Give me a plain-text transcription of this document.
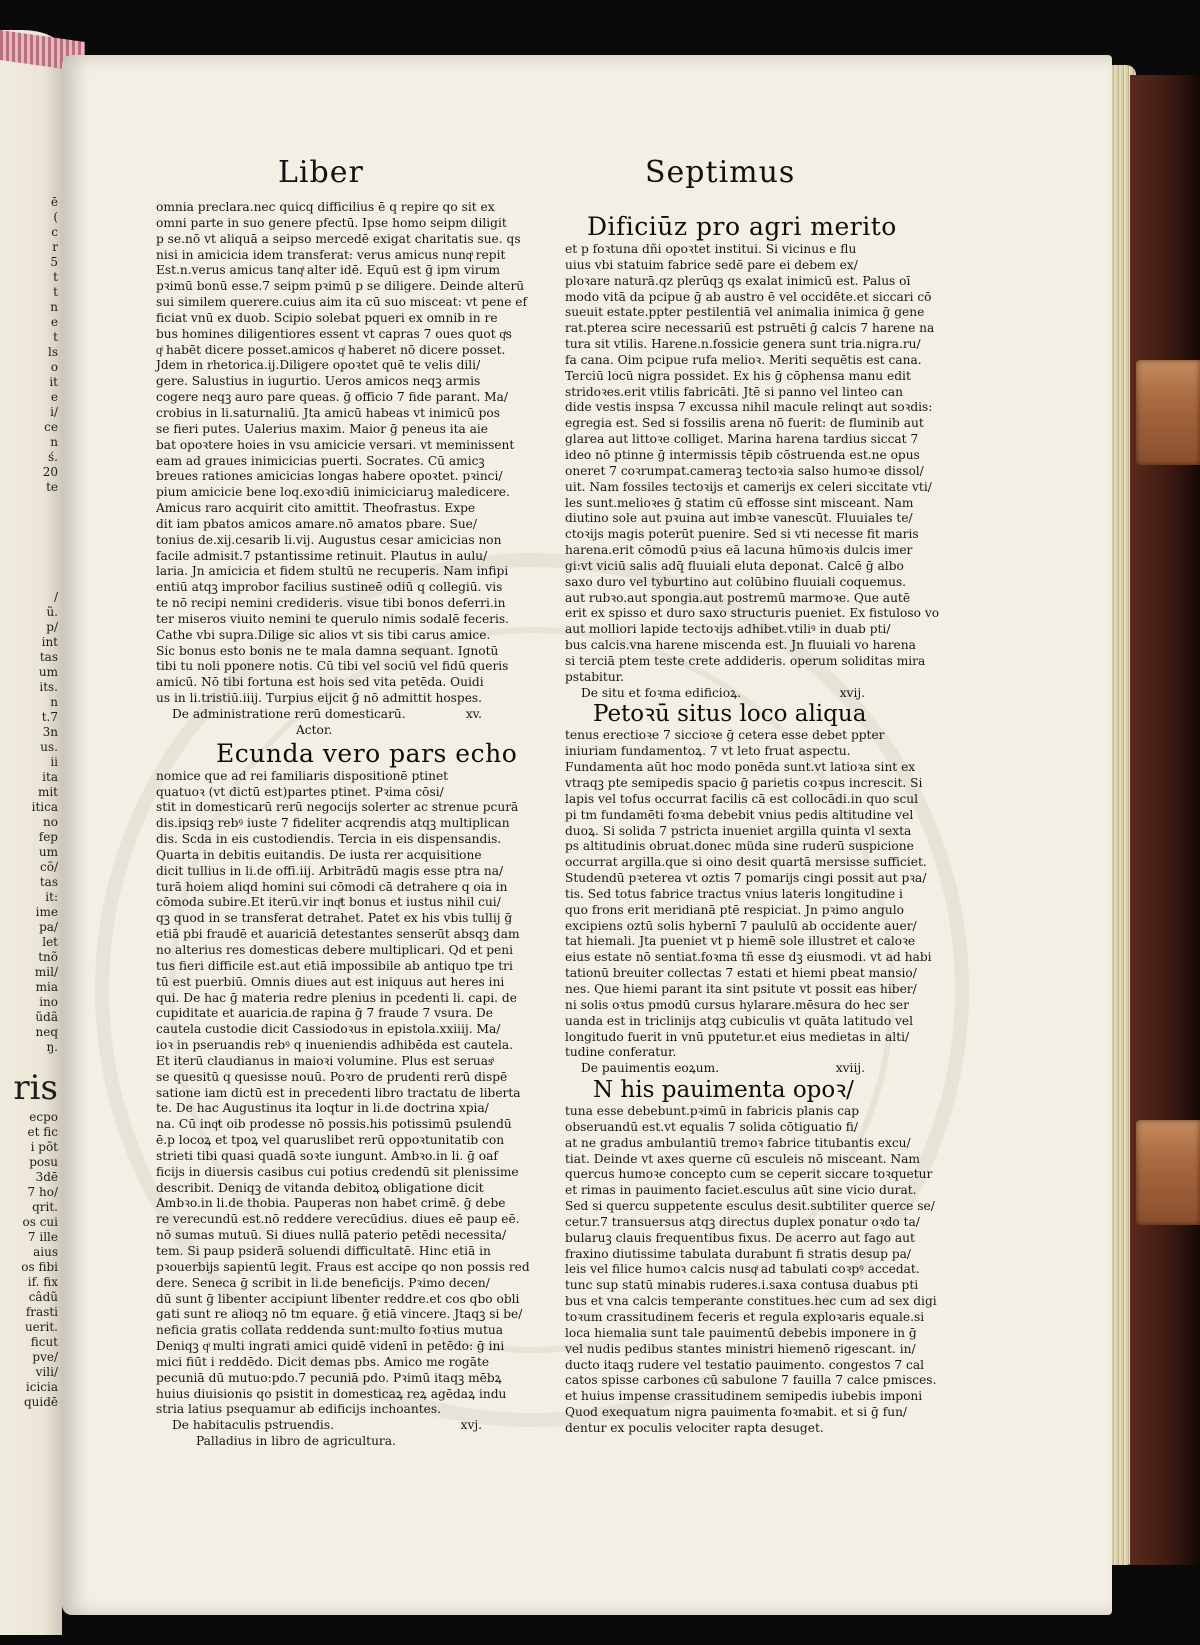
ē
(
c
r
5
t
t
n
e
t
ls
o
it
e
i/
ce
n
ś.
20
te
/
ũ.
p/
int
tas
um
its.
n
t.7
3n
us.
ii
ita
mit
itica
no
fep
um
cõ/
tas
it:
ime
pa/
let
tnõ
mil/
mia
ino
ũdã
neq
ŋ.
ris
ecpo
et fic
i põt
posu
3dē
7 ho/
qrit.
os cui
7 ille
aius
os fibi
if. fix
câdũ
frasti
uerit.
ficut
pve/
vili/
icicia
quidē
Liber	Septimus
omnia preclara.nec quicq difficilius ē q repire qo sit ex
omni parte in suo genere pfectū. Ipse homo seipm diligit
p se.nō vt aliquā a seipso mercedē exigat charitatis sue. qs
nisi in amicicia idem transferat: verus amicus nunqͣ repit
Est.n.verus amicus tanqͣ alter idē. Equū est ḡ ipm virum
pꝛimū bonū esse.7 seipm pꝛimū p se diligere. Deinde alterū
sui similem querere.cuius aim ita cū suo misceat: vt pene ef
ficiat vnū ex duob. Scipio solebat pqueri ex omnib in re
bus homines diligentiores essent vt capras 7 oues quot qͥs
qͥ habēt dicere posset.amicos qͥ haberet nō dicere posset.
Jdem in rhetorica.ij.Diligere opoꝛtet quē te velis dili/
gere. Salustius in iugurtio. Ueros amicos neqꝫ armis
cogere neqꝫ auro pare queas. ḡ officio 7 fide parant. Ma/
crobius in li.saturnaliū. Jta amicū habeas vt inimicū pos
se fieri putes. Ualerius maxim. Maior ḡ peneus ita aie
bat opoꝛtere hoies in vsu amicicie versari. vt meminissent
eam ad graues inimicicias puerti. Socrates. Cū amicꝫ
breues rationes amicicias longas habere opoꝛtet. pꝛinci/
pium amicicie bene loq.exoꝛdiū inimiciciaruꝫ maledicere.
Amicus raro acquirit cito amittit. Theofrastus. Expe
dit iam pbatos amicos amare.nō amatos pbare. Sue/
tonius de.xij.cesarib li.vij. Augustus cesar amicicias non
facile admisit.7 pstantissime retinuit. Plautus in aulu/
laria. Jn amicicia et fidem stultū ne recuperis. Nam infipi
entiū atqꝫ improbor facilius sustineē odiū q collegiū. vis
te nō recipi nemini credideris. visue tibi bonos deferri.in
ter miseros viuito nemini te querulo nimis sodalē feceris.
Cathe vbi supra.Dilige sic alios vt sis tibi carus amice.
Sic bonus esto bonis ne te mala damna sequant. Ignotū
tibi tu noli pponere notis. Cū tibi vel sociū vel fidū queris
amicū. Nō tibi fortuna est hois sed vita petēda. Ouidi
us in li.tristiū.iiij. Turpius eijcit ḡ nō admittit hospes.
De administratione rerū domesticarū.	xv.
Actor.
Ecunda vero pars echo
nomice que ad rei familiaris dispositionē ptinet
quatuoꝛ (vt dictū est)partes ptinet. Pꝛima cōsi/
stit in domesticarū rerū negocijs solerter ac strenue pcurā
dis.ipsiqꝫ rebꝰ iuste 7 fideliter acqrendis atqꝫ multiplican
dis. Scda in eis custodiendis. Tercia in eis dispensandis.
Quarta in debitis euitandis. De iusta rer acquisitione
dicit tullius in li.de offi.iij. Arbitrādū magis esse ptra na/
turā hoiem aliqd homini sui cōmodi cā detrahere q oia in
cōmoda subire.Et iterū.vir inqͣt bonus et iustus nihil cui/
qꝫ quod in se transferat detrahet. Patet ex his vbis tullij ḡ
etiā pbi fraudē et auariciā detestantes senserūt absqꝫ dam
no alterius res domesticas debere multiplicari. Qd et peni
tus fieri difficile est.aut etiā impossibile ab antiquo tpe tri
tū est puerbiū. Omnis diues aut est iniquus aut heres ini
qui. De hac ḡ materia redre plenius in pcedenti li. capi. de
cupiditate et auaricia.de rapina ḡ 7 fraude 7 vsura. De
cautela custodie dicit Cassiodoꝛus in epistola.xxiiij. Ma/
ioꝛ in pseruandis rebꝰ q inueniendis adhibēda est cautela.
Et iterū claudianus in maioꝛi volumine. Plus est seruasͣ
se quesitū q quesisse nouū. Poꝛro de prudenti rerū dispē
satione iam dictū est in precedenti libro tractatu de liberta
te. De hac Augustinus ita loqtur in li.de doctrina xpia/
na. Cū inqͣt oib prodesse nō possis.his potissimū psulendū
ē.p locoꝝ et tpoꝝ vel quaruslibet rerū oppoꝛtunitatib con
strieti tibi quasi quadā soꝛte iungunt. Ambꝛo.in li. ḡ oaf
ficijs in diuersis casibus cui potius credendū sit plenissime
describit. Deniqꝫ de vitanda debitoꝝ obligatione dicit
Ambꝛo.in li.de thobia. Pauperas non habet crimē. ḡ debe
re verecundū est.nō reddere verecūdius. diues eē paup eē.
nō sumas mutuū. Si diues nullā paterio petēdi necessita/
tem. Si paup psiderā soluendi difficultatē. Hinc etiā in
pꝛouerbijs sapientū legit. Fraus est accipe qo non possis red
dere. Seneca ḡ scribit in li.de beneficijs. Pꝛimo decen/
dū sunt ḡ libenter accipiunt libenter reddre.et cos qbo obli
gati sunt re alioqꝫ nō tm equare. ḡ etiā vincere. Jtaqꝫ si be/
neficia gratis collata reddenda sunt:multo foꝛtius mutua
Deniqꝫ qͣ multi ingrati amici quidē videnī in petēdo: ḡ ini
mici fiūt i reddēdo. Dicit demas pbs. Amico me rogāte
pecuniā dū mutuo:pdo.7 pecuniā pdo. Pꝛimū itaqꝫ mēbꝝ
huius diuisionis qo psistit in domesticaꝝ reꝝ agēdaꝝ indu
stria latius psequamur ab edificijs inchoantes.
De habitaculis pstruendis.	xvj.
Palladius in libro de agricultura.
Dificiūz pro agri merito
et p foꝛtuna dñi opoꝛtet institui. Si vicinus e flu
uius vbi statuim fabrice sedē pare ei debem ex/
ploꝛare naturā.qz plerūqꝫ qs exalat inimicū est. Palus oī
modo vitā da pcipue ḡ ab austro ē vel occidēte.et siccari cō
sueuit estate.ppter pestilentiā vel animalia inimica ḡ gene
rat.pterea scire necessariū est pstruēti ḡ calcis 7 harene na
tura sit vtilis. Harene.n.fossicie genera sunt tria.nigra.ru/
fa cana. Oim pcipue rufa melioꝛ. Meriti sequētis est cana.
Terciū locū nigra possidet. Ex his ḡ cōphensa manu edit
stridoꝛes.erit vtilis fabricāti. Jtē si panno vel linteo can
dide vestis inspsa 7 excussa nihil macule relinqt aut soꝛdis:
egregia est. Sed si fossilis arena nō fuerit: de fluminib aut
glarea aut littoꝛe colliget. Marina harena tardius siccat 7
ideo nō ptinne ḡ intermissis tēpib cōstruenda est.ne opus
oneret 7 coꝛrumpat.cameraꝫ tectoꝛia salso humoꝛe dissol/
uit. Nam fossiles tectoꝛijs et camerijs ex celeri siccitate vti/
les sunt.melioꝛes ḡ statim cū effosse sint misceant. Nam
diutino sole aut pꝛuina aut imbꝛe vanescūt. Fluuiales te/
ctoꝛijs magis poterūt puenire. Sed si vti necesse fit maris
harena.erit cōmodū pꝛius eā lacuna hūmoꝛis dulcis imer
gi:vt viciū salis adq̄ fluuiali eluta deponat. Calcē ḡ albo
saxo duro vel tyburtino aut colūbino fluuiali coquemus.
aut rubꝛo.aut spongia.aut postremū marmoꝛe. Que autē
erit ex spisso et duro saxo structuris pueniet. Ex fistuloso vo
aut molliori lapide tectoꝛijs adhibet.vtiliꝰ in duab pti/
bus calcis.vna harene miscenda est. Jn fluuiali vo harena
si terciā ptem teste crete addideris. operum soliditas mira
pstabitur.
De situ et foꝛma edificioꝝ.	xvij.
Petoꝛū situs loco aliqua
tenus erectioꝛe 7 siccioꝛe ḡ cetera esse debet ppter
iniuriam fundamentoꝝ. 7 vt leto fruat aspectu.
Fundamenta aūt hoc modo ponēda sunt.vt latioꝛa sint ex
vtraqꝫ pte semipedis spacio ḡ parietis coꝛpus increscit. Si
lapis vel tofus occurrat facilis cā est collocādi.in quo scul
pi tm fundamēti foꝛma debebit vnius pedis altitudine vel
duoꝝ. Si solida 7 pstricta inueniet argilla quinta vl sexta
ps altitudinis obruat.donec müda sine ruderū suspicione
occurrat argilla.que si oino desit quartā mersisse sufficiet.
Studendū pꝛeterea vt oztis 7 pomarijs cingi possit aut pꝛa/
tis. Sed totus fabrice tractus vnius lateris longitudine i
quo frons erit meridianā ptē respiciat. Jn pꝛimo angulo
excipiens oztū solis hybernī 7 paululū ab occidente auer/
tat hiemali. Jta pueniet vt p hiemē sole illustret et caloꝛe
eius estate nō sentiat.foꝛma tñ esse dꝫ eiusmodi. vt ad habi
tationū breuiter collectas 7 estati et hiemi pbeat mansio/
nes. Que hiemi parant ita sint psitute vt possit eas hiber/
ni solis oꝛtus pmodū cursus hylarare.mēsura do hec ser
uanda est in triclinijs atqꝫ cubiculis vt quāta latitudo vel
longitudo fuerit in vnū pputetur.et eius medietas in alti/
tudine conferatur.
De pauimentis eoꝝum.	xviij.
N his pauimenta opoꝛ/
tuna esse debebunt.pꝛimū in fabricis planis cap
obseruandū est.vt equalis 7 solida cōtiguatio fi/
at ne gradus ambulantiū tremoꝛ fabrice titubantis excu/
tiat. Deinde vt axes querne cū esculeis nō misceant. Nam
quercus humoꝛe concepto cum se ceperit siccare toꝛquetur
et rimas in pauimento faciet.esculus aūt sine vicio durat.
Sed si quercu suppetente esculus desit.subtiliter querce se/
cetur.7 transuersus atqꝫ directus duplex ponatur oꝛdo ta/
bularuꝫ clauis frequentibus fixus. De acerro aut fago aut
fraxino diutissime tabulata durabunt fi stratis desup pa/
leis vel filice humoꝛ calcis nusqͣ ad tabulati coꝛpꝰ accedat.
tunc sup statū minabis ruderes.i.saxa contusa duabus pti
bus et vna calcis temperante constitues.hec cum ad sex digi
toꝛum crassitudinem feceris et regula exploꝛaris equale.si
loca hiemalia sunt tale pauimentū debebis imponere in ḡ
vel nudis pedibus stantes ministri hiemenō rigescant. in/
ducto itaqꝫ rudere vel testatio pauimento. congestos 7 cal
catos spisse carbones cū sabulone 7 fauilla 7 calce pmisces.
et huius impense crassitudinem semipedis iubebis imponi
Quod exequatum nigra pauimenta foꝛmabit. et si ḡ fun/
dentur ex poculis velociter rapta desuget.
